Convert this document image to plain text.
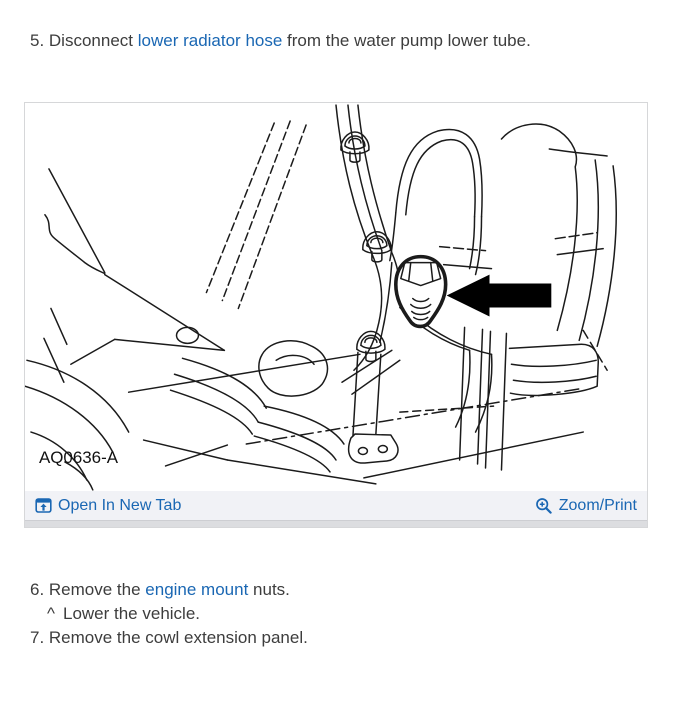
5. Disconnect lower radiator hose from the water pump lower tube.

AQ0636-A
Open In New Tab	Zoom/Print
6. Remove the engine mount nuts.
^ Lower the vehicle.
7. Remove the cowl extension panel.
